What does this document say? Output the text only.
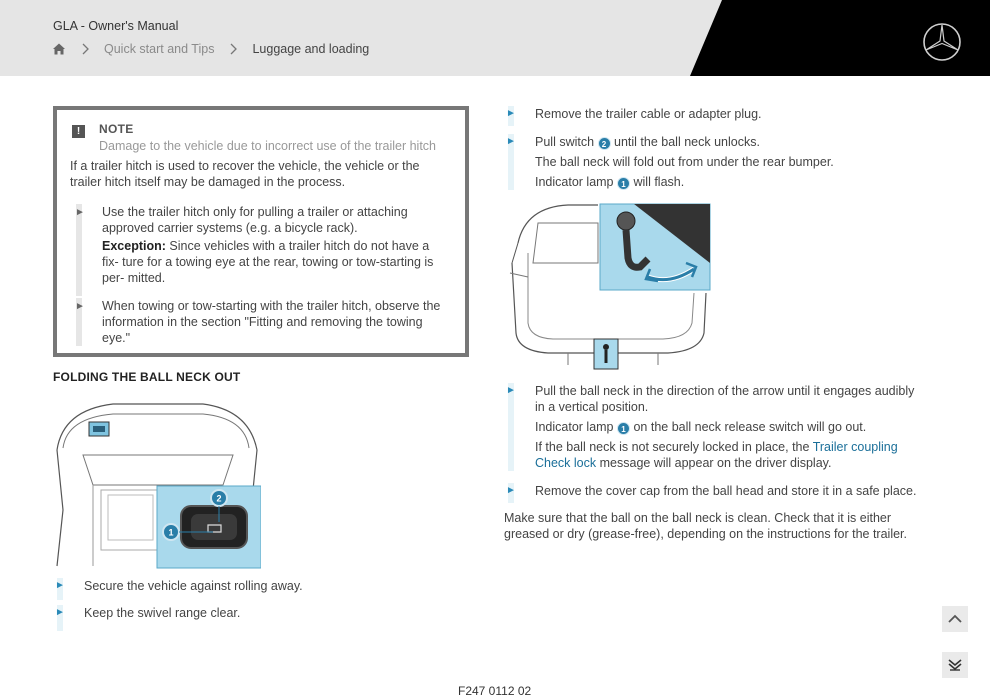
GLA - Owner's Manual
Quick start and Tips	Luggage and loading
!	NOTE
Damage to the vehicle due to incorrect use of the trailer hitch
If a trailer hitch is used to recover the vehicle, the vehicle or the trailer hitch itself may be damaged in the process.
► Use the trailer hitch only for pulling a trailer or attaching approved carrier systems (e.g. a bicycle rack).
Exception: Since vehicles with a trailer hitch do not have a fix- ture for a towing eye at the rear, towing or tow-starting is per- mitted.
► When towing or tow-starting with the trailer hitch, observe the information in the section "Fitting and removing the towing eye."
FOLDING THE BALL NECK OUT
2
1
► Secure the vehicle against rolling away.
► Keep the swivel range clear.
► Remove the trailer cable or adapter plug.
► Pull switch 2 until the ball neck unlocks.
The ball neck will fold out from under the rear bumper.
Indicator lamp 1 will flash.
► Pull the ball neck in the direction of the arrow until it engages audibly in a vertical position.
Indicator lamp 1 on the ball neck release switch will go out.
If the ball neck is not securely locked in place, the Trailer coupling Check lock message will appear on the driver display.
► Remove the cover cap from the ball head and store it in a safe place.
Make sure that the ball on the ball neck is clean. Check that it is either greased or dry (grease-free), depending on the instructions for the trailer.
F247 0112 02
